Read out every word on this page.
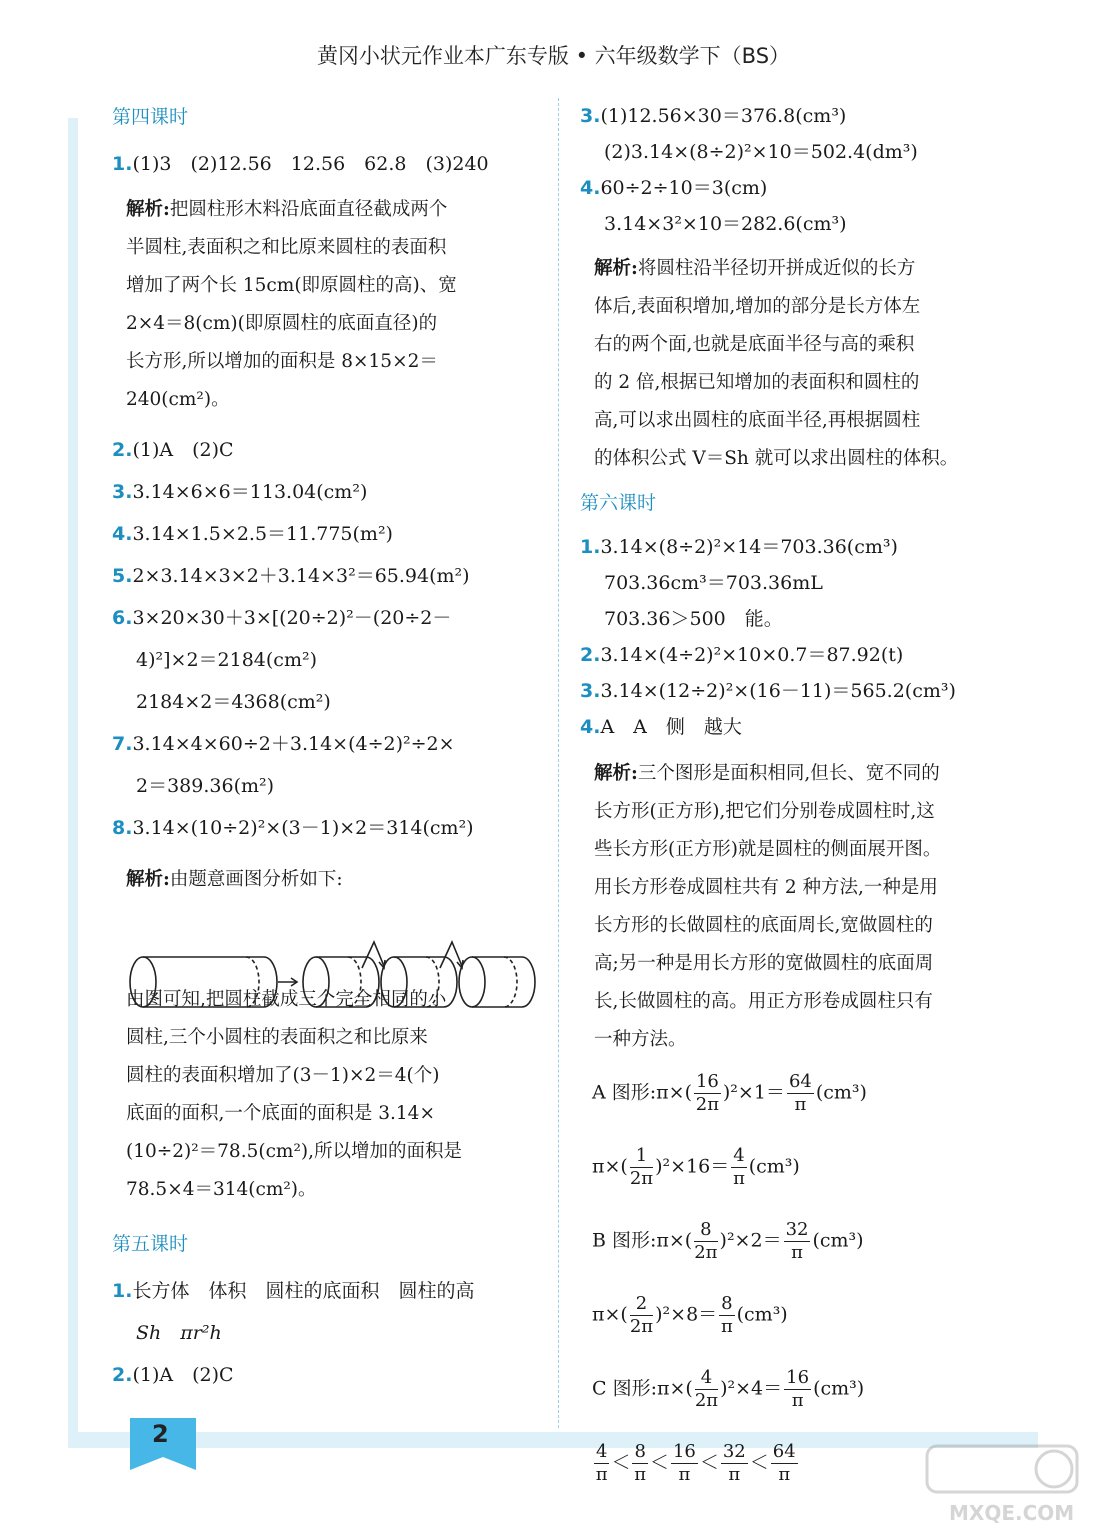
黄冈小状元作业本广东专版 • 六年级数学下（BS）
第四课时
1.(1)3　(2)12.56　12.56　62.8　(3)240
解析:把圆柱形木料沿底面直径截成两个
半圆柱,表面积之和比原来圆柱的表面积
增加了两个长 15cm(即原圆柱的高)、宽
2×4＝8(cm)(即原圆柱的底面直径)的
长方形,所以增加的面积是 8×15×2＝
240(cm²)。
2.(1)A　(2)C
3.3.14×6×6＝113.04(cm²)
4.3.14×1.5×2.5＝11.775(m²)
5.2×3.14×3×2＋3.14×3²＝65.94(m²)
6.3×20×30＋3×[(20÷2)²－(20÷2－
4)²]×2＝2184(cm²)
2184×2＝4368(cm²)
7.3.14×4×60÷2＋3.14×(4÷2)²÷2×
2＝389.36(m²)
8.3.14×(10÷2)²×(3－1)×2＝314(cm²)
解析:由题意画图分析如下:
由图可知,把圆柱截成三个完全相同的小
圆柱,三个小圆柱的表面积之和比原来
圆柱的表面积增加了(3－1)×2＝4(个)
底面的面积,一个底面的面积是 3.14×
(10÷2)²＝78.5(cm²),所以增加的面积是
78.5×4＝314(cm²)。
第五课时
1.长方体　体积　圆柱的底面积　圆柱的高
Sh　πr²h
2.(1)A　(2)C
3.(1)12.56×30＝376.8(cm³)
(2)3.14×(8÷2)²×10＝502.4(dm³)
4.60÷2÷10＝3(cm)
3.14×3²×10＝282.6(cm³)
解析:将圆柱沿半径切开拼成近似的长方
体后,表面积增加,增加的部分是长方体左
右的两个面,也就是底面半径与高的乘积
的 2 倍,根据已知增加的表面积和圆柱的
高,可以求出圆柱的底面半径,再根据圆柱
的体积公式 V＝Sh 就可以求出圆柱的体积。
第六课时
1.3.14×(8÷2)²×14＝703.36(cm³)
703.36cm³＝703.36mL
703.36＞500　能。
2.3.14×(4÷2)²×10×0.7＝87.92(t)
3.3.14×(12÷2)²×(16－11)＝565.2(cm³)
4.A　A　侧　越大
解析:三个图形是面积相同,但长、宽不同的
长方形(正方形),把它们分别卷成圆柱时,这
些长方形(正方形)就是圆柱的侧面展开图。
用长方形卷成圆柱共有 2 种方法,一种是用
长方形的长做圆柱的底面周长,宽做圆柱的
高;另一种是用长方形的宽做圆柱的底面周
长,长做圆柱的高。用正方形卷成圆柱只有
一种方法。
A 图形:π×( $\frac{16}{2\pi} )^2\times 1= \frac{64}{\pi} (cm^3)$
$\pi\times( \frac{1}{2\pi} )^2\times 16= \frac{4}{\pi} (cm^3)$
B 图形:π×( $\frac{8}{2\pi} )^2\times 2= \frac{32}{\pi} (cm^3)$
$\pi\times( \frac{2}{2\pi} )^2\times 8= \frac{8}{\pi} (cm^3)$
C 图形:π×( $\frac{4}{2\pi} )^2\times 4= \frac{16}{\pi} (cm^3)$
$\frac{4}{\pi} < \frac{8}{\pi} < \frac{16}{\pi} < \frac{32}{\pi} < \frac{64}{\pi}$
2
MXQE.COM
